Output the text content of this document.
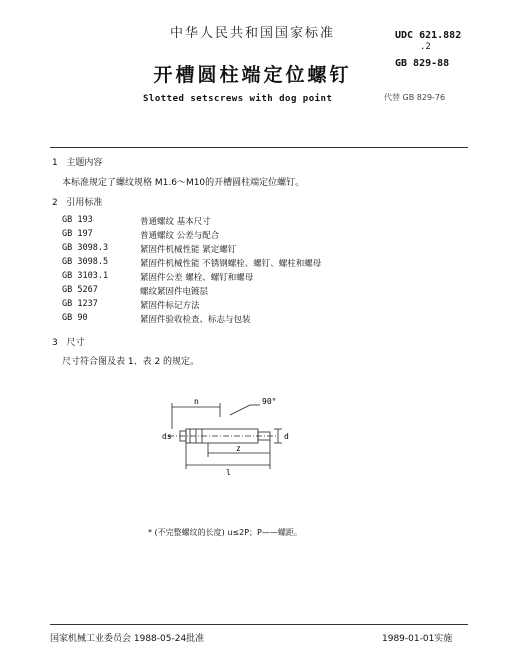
中华人民共和国国家标准	UDC 621.882
.2
GB 829-88
开槽圆柱端定位螺钉
Slotted setscrews with dog point	代替 GB 829-76
1 主题内容
本标准规定了螺纹规格 M1.6～M10的开槽圆柱端定位螺钉。
2 引用标准
GB 193	普通螺纹 基本尺寸
GB 197	普通螺纹 公差与配合
GB 3098.3	紧固件机械性能 紧定螺钉
GB 3098.5	紧固件机械性能 不锈钢螺栓、螺钉、螺柱和螺母
GB 3103.1	紧固件公差 螺栓、螺钉和螺母
GB 5267	螺纹紧固件电镀层
GB 1237	紧固件标记方法
GB 90	紧固件验收检查、标志与包装
3 尺寸
尺寸符合图及表 1、表 2 的规定。
n	90°
d
z
l
ds
* (不完整螺纹的长度) u≤2P；P——螺距。
国家机械工业委员会 1988-05-24批准	1989-01-01实施
